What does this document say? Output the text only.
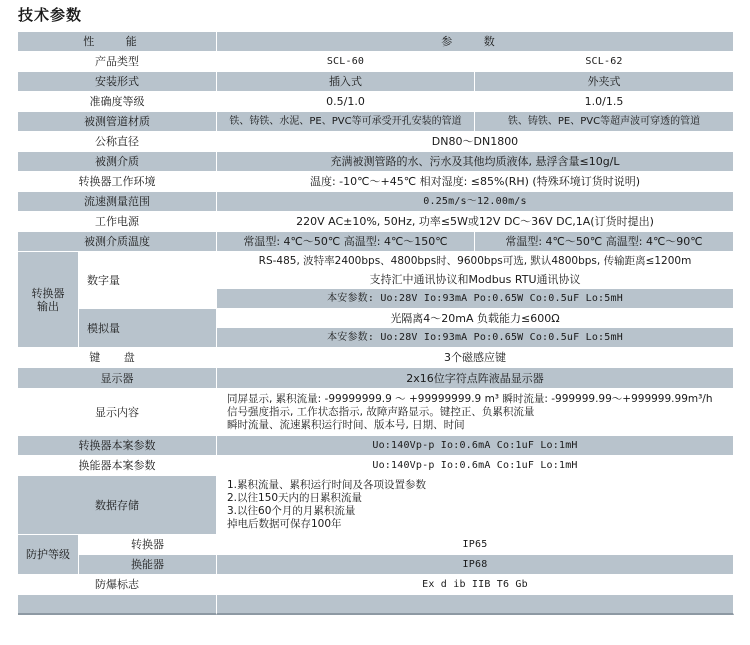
技术参数
性 能		参 数	
产品类型		SCL-60	SCL-62
安装形式		插入式	外夹式
准确度等级		0.5/1.0	1.0/1.5
被测管道材质		铁、铸铁、水泥、PE、PVC等可承受开孔安装的管道	铁、铸铁、PE、PVC等超声波可穿透的管道
公称直径		DN80～DN1800	
被测介质		充满被测管路的水、污水及其他均质液体, 悬浮含量≤10g/L	
转换器工作环境		温度: -10℃～+45℃ 相对湿度: ≤85%(RH) (特殊环境订货时说明)	
流速测量范围		0.25m/s～12.00m/s	
工作电源		220V AC±10%, 50Hz, 功率≤5W或12V DC～36V DC,1A(订货时提出)	
被测介质温度		常温型: 4℃～50℃ 高温型: 4℃～150℃	常温型: 4℃～50℃ 高温型: 4℃～90℃

转换器
输出	数字量	RS-485, 波特率2400bps、4800bps时、9600bps可选, 默认4800bps, 传输距离≤1200m	
		支持汇中通讯协议和Modbus RTU通讯协议	
		本安参数: Uo:28V Io:93mA Po:0.65W Co:0.5uF Lo:5mH	
	模拟量	光隔离4～20mA 负载能力≤600Ω	
		本安参数: Uo:28V Io:93mA Po:0.65W Co:0.5uF Lo:5mH	
键 盘		3个磁感应键	
显示器		2x16位字符点阵液晶显示器	
显示内容		同屏显示, 累积流量: -99999999.9 ～ +99999999.9 m³ 瞬时流量: -999999.99～+999999.99m³/h
信号强度指示, 工作状态指示, 故障声路显示。键控正、负累积流量
瞬时流量、流速累积运行时间、版本号, 日期、时间	

转换器本案参数		Uo:140Vp-p Io:0.6mA Co:1uF Lo:1mH	
换能器本案参数		Uo:140Vp-p Io:0.6mA Co:1uF Lo:1mH	
数据存储		1.累积流量、累积运行时间及各项设置参数
2.以往150天内的日累积流量
3.以往60个月的月累积流量
掉电后数据可保存100年	

防护等级	转换器	IP65	
	换能器	IP68	
防爆标志		Ex d ib IIB T6 Gb	
